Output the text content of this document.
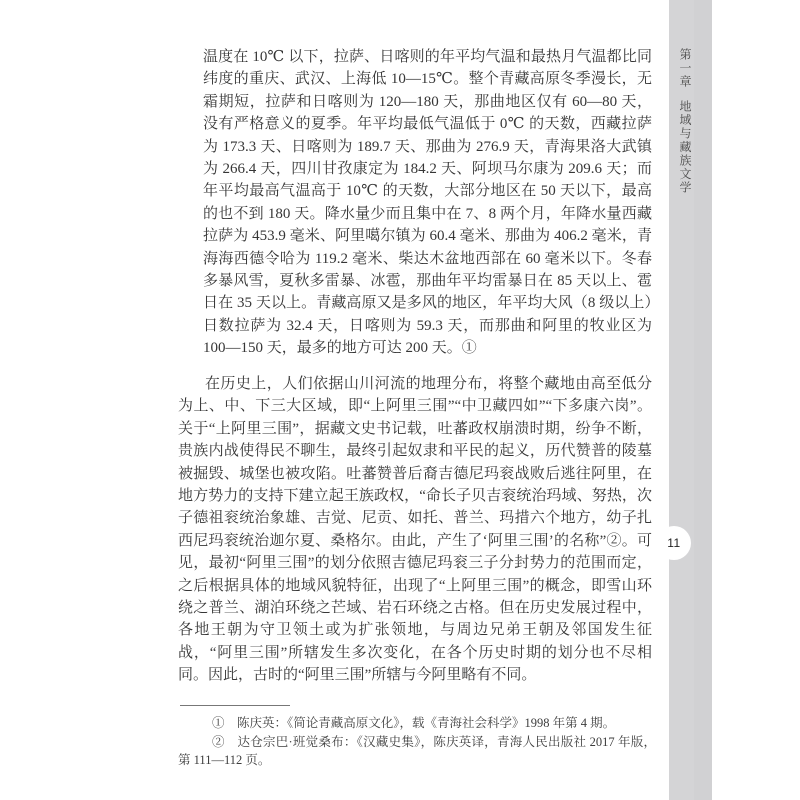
温度在 10℃ 以下，拉萨、日喀则的年平均气温和最热月气温都比同纬度的重庆、武汉、上海低 10—15℃。整个青藏高原冬季漫长，无霜期短，拉萨和日喀则为 120—180 天，那曲地区仅有 60—80 天，没有严格意义的夏季。年平均最低气温低于 0℃ 的天数，西藏拉萨为 173.3 天、日喀则为 189.7 天、那曲为 276.9 天，青海果洛大武镇为 266.4 天，四川甘孜康定为 184.2 天、阿坝马尔康为 209.6 天；而年平均最高气温高于 10℃ 的天数，大部分地区在 50 天以下，最高的也不到 180 天。降水量少而且集中在 7、8 两个月，年降水量西藏拉萨为 453.9 毫米、阿里噶尔镇为 60.4 毫米、那曲为 406.2 毫米，青海海西德令哈为 119.2 毫米、柴达木盆地西部在 60 毫米以下。冬春多暴风雪，夏秋多雷暴、冰雹，那曲年平均雷暴日在 85 天以上、雹日在 35 天以上。青藏高原又是多风的地区，年平均大风（8 级以上）日数拉萨为 32.4 天，日喀则为 59.3 天，而那曲和阿里的牧业区为 100—150 天，最多的地方可达 200 天。①

在历史上，人们依据山川河流的地理分布，将整个藏地由高至低分为上、中、下三大区域，即“上阿里三围”“中卫藏四如”“下多康六岗”。关于“上阿里三围”，据藏文史书记载，吐蕃政权崩溃时期，纷争不断，贵族内战使得民不聊生，最终引起奴隶和平民的起义，历代赞普的陵墓被掘毁、城堡也被攻陷。吐蕃赞普后裔吉德尼玛衮战败后逃往阿里，在地方势力的支持下建立起王族政权，“命长子贝吉衮统治玛域、努热，次子德祖衮统治象雄、吉觉、尼贡、如托、普兰、玛措六个地方，幼子扎西尼玛衮统治迦尔夏、桑格尔。由此，产生了‘阿里三围’的名称”②。可见，最初“阿里三围”的划分依照吉德尼玛衮三子分封势力的范围而定，之后根据具体的地域风貌特征，出现了“上阿里三围”的概念，即雪山环绕之普兰、湖泊环绕之芒域、岩石环绕之古格。但在历史发展过程中，各地王朝为守卫领土或为扩张领地，与周边兄弟王朝及邻国发生征战，“阿里三围”所辖发生多次变化，在各个历史时期的划分也不尽相同。因此，古时的“阿里三围”所辖与今阿里略有不同。

①　陈庆英：《简论青藏高原文化》，载《青海社会科学》1998 年第 4 期。

②　达仓宗巴·班觉桑布：《汉藏史集》，陈庆英译，青海人民出版社 2017 年版，第 111—112 页。

第一章
地域与藏族文学
11
